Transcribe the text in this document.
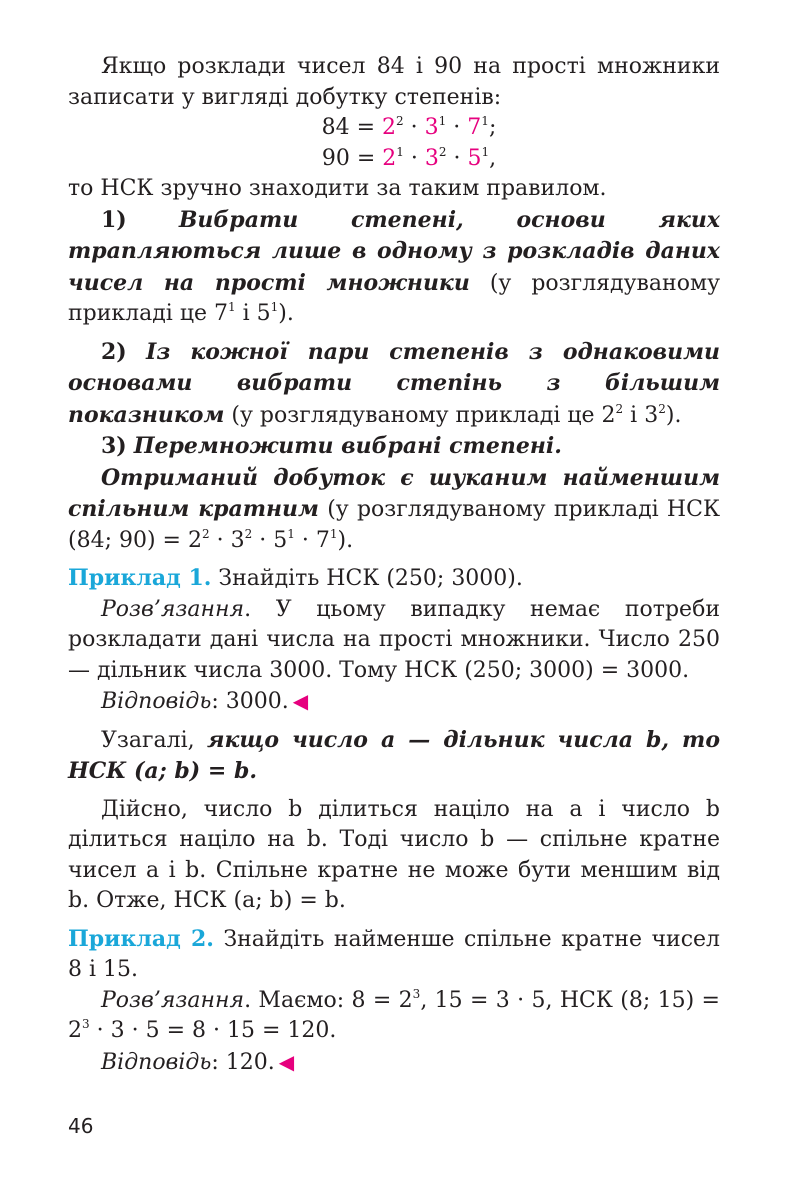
Якщо розклади чисел 84 і 90 на прості множники записати у вигляді добутку степенів:

$84 = 2^2 \cdot 3^1 \cdot 7^1$;

$90 = 2^1 \cdot 3^2 \cdot 5^1$,

то НСК зручно знаходити за таким правилом.

1) Вибрати степені, основи яких трапляються лише в одному з розкладів даних чисел на прості множники (у розглядуваному прикладі це $7^1$ і $5^1$).

2) Із кожної пари степенів з однаковими основами вибрати степінь з більшим показником (у розглядуваному прикладі це $2^2$ і $3^2$).

3) Перемножити вибрані степені.

Отриманий добуток є шуканим найменшим спільним кратним (у розглядуваному прикладі НСК (84; $90) = 2^2 \cdot 3^2 \cdot 5^1 \cdot 7^1$).

Приклад 1. Знайдіть НСК (250; 3000).

Розв’язання. У цьому випадку немає потреби розкладати дані числа на прості множники. Число 250 — дільник числа 3000. Тому НСК (250; 3000) = 3000.

Відповідь: 3000. ◀

Узагалі, якщо число a — дільник числа b, то НСК (a; b) = b.

Дійсно, число b ділиться націло на a і число b ділиться націло на b. Тоді число b — спільне кратне чисел a і b. Спільне кратне не може бути меншим від b. Отже, НСК (a; b) = b.

Приклад 2. Знайдіть найменше спільне кратне чисел 8 і 15.

Розв’язання. Маємо: $8 = 2^3$, 15 = 3 · 5, НСК (8; $15) = 2^3 \cdot 3 \cdot 5 = 8 \cdot 15 = 120$.

Відповідь: 120. ◀

46
